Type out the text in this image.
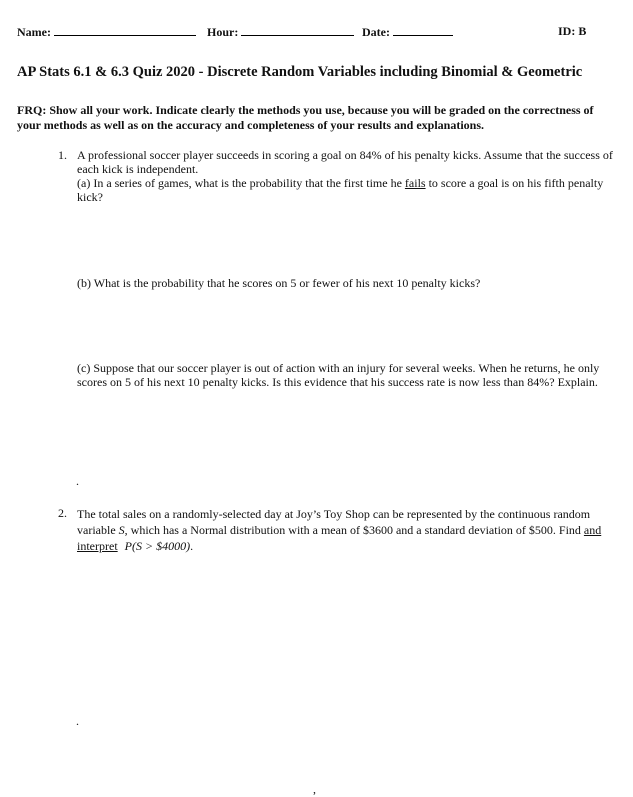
Name:	Hour:	Date:	ID: B
AP Stats 6.1 & 6.3 Quiz 2020 - Discrete Random Variables including Binomial & Geometric
FRQ: Show all your work. Indicate clearly the methods you use, because you will be graded on the correctness of your methods as well as on the accuracy and completeness of your results and explanations.
1. A professional soccer player succeeds in scoring a goal on 84% of his penalty kicks. Assume that the success of each kick is independent.
(a) In a series of games, what is the probability that the first time he fails to score a goal is on his fifth penalty kick?
(b) What is the probability that he scores on 5 or fewer of his next 10 penalty kicks?
(c) Suppose that our soccer player is out of action with an injury for several weeks. When he returns, he only scores on 5 of his next 10 penalty kicks. Is this evidence that his success rate is now less than 84%? Explain.
.
2. The total sales on a randomly-selected day at Joy’s Toy Shop can be represented by the continuous random variable S, which has a Normal distribution with a mean of $3600 and a standard deviation of $500. Find and interpret P(S > $4000).
.
,
